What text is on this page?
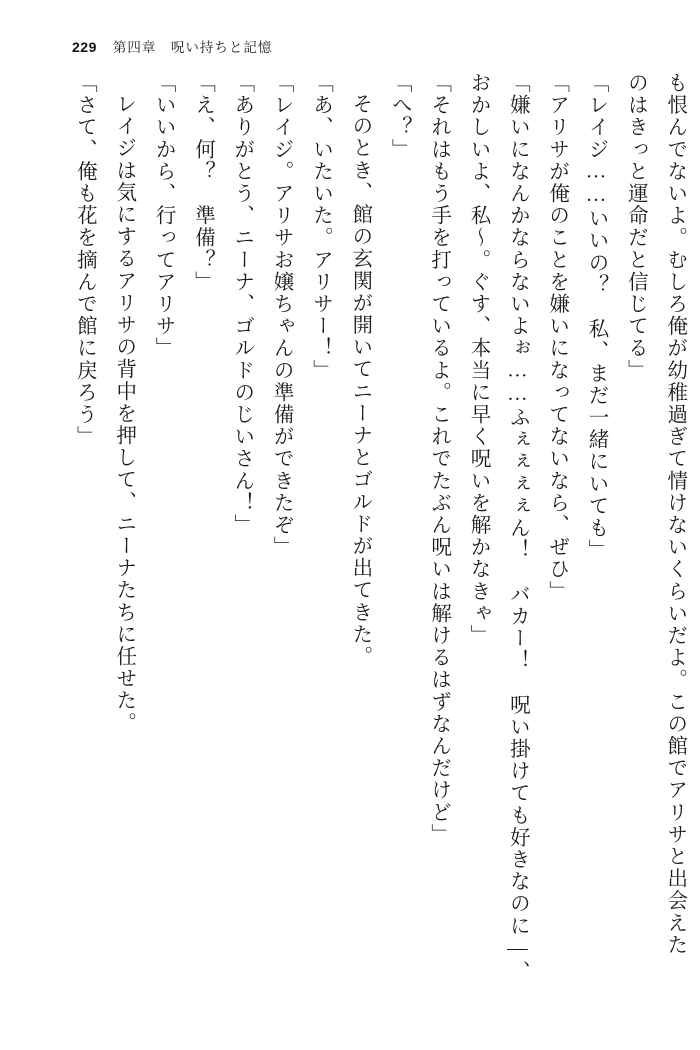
229 第四章　呪い持ちと記憶

も恨んでないよ。むしろ俺が幼稚過ぎて情けないくらいだよ。この館でアリサと出会えた

のはきっと運命だと信じてる」

「レイジ……いいの？　私、まだ一緒にいても」

「アリサが俺のことを嫌いになってないなら、ぜひ」

「嫌いになんかならないよぉ……ふぇぇぇぇん！　バカー！　呪い掛けても好きなのに―、

おかしいよ、私〜。ぐす、本当に早く呪いを解かなきゃ」

「それはもう手を打っているよ。これでたぶん呪いは解けるはずなんだけど」

「へ？」

そのとき、館の玄関が開いてニーナとゴルドが出てきた。

「あ、いたいた。アリサー！」

「レイジ。アリサお嬢ちゃんの準備ができたぞ」

「ありがとう、ニーナ、ゴルドのじいさん！」

「え、何？　準備？」

「いいから、行ってアリサ」

レイジは気にするアリサの背中を押して、ニーナたちに任せた。

「さて、俺も花を摘んで館に戻ろう」
